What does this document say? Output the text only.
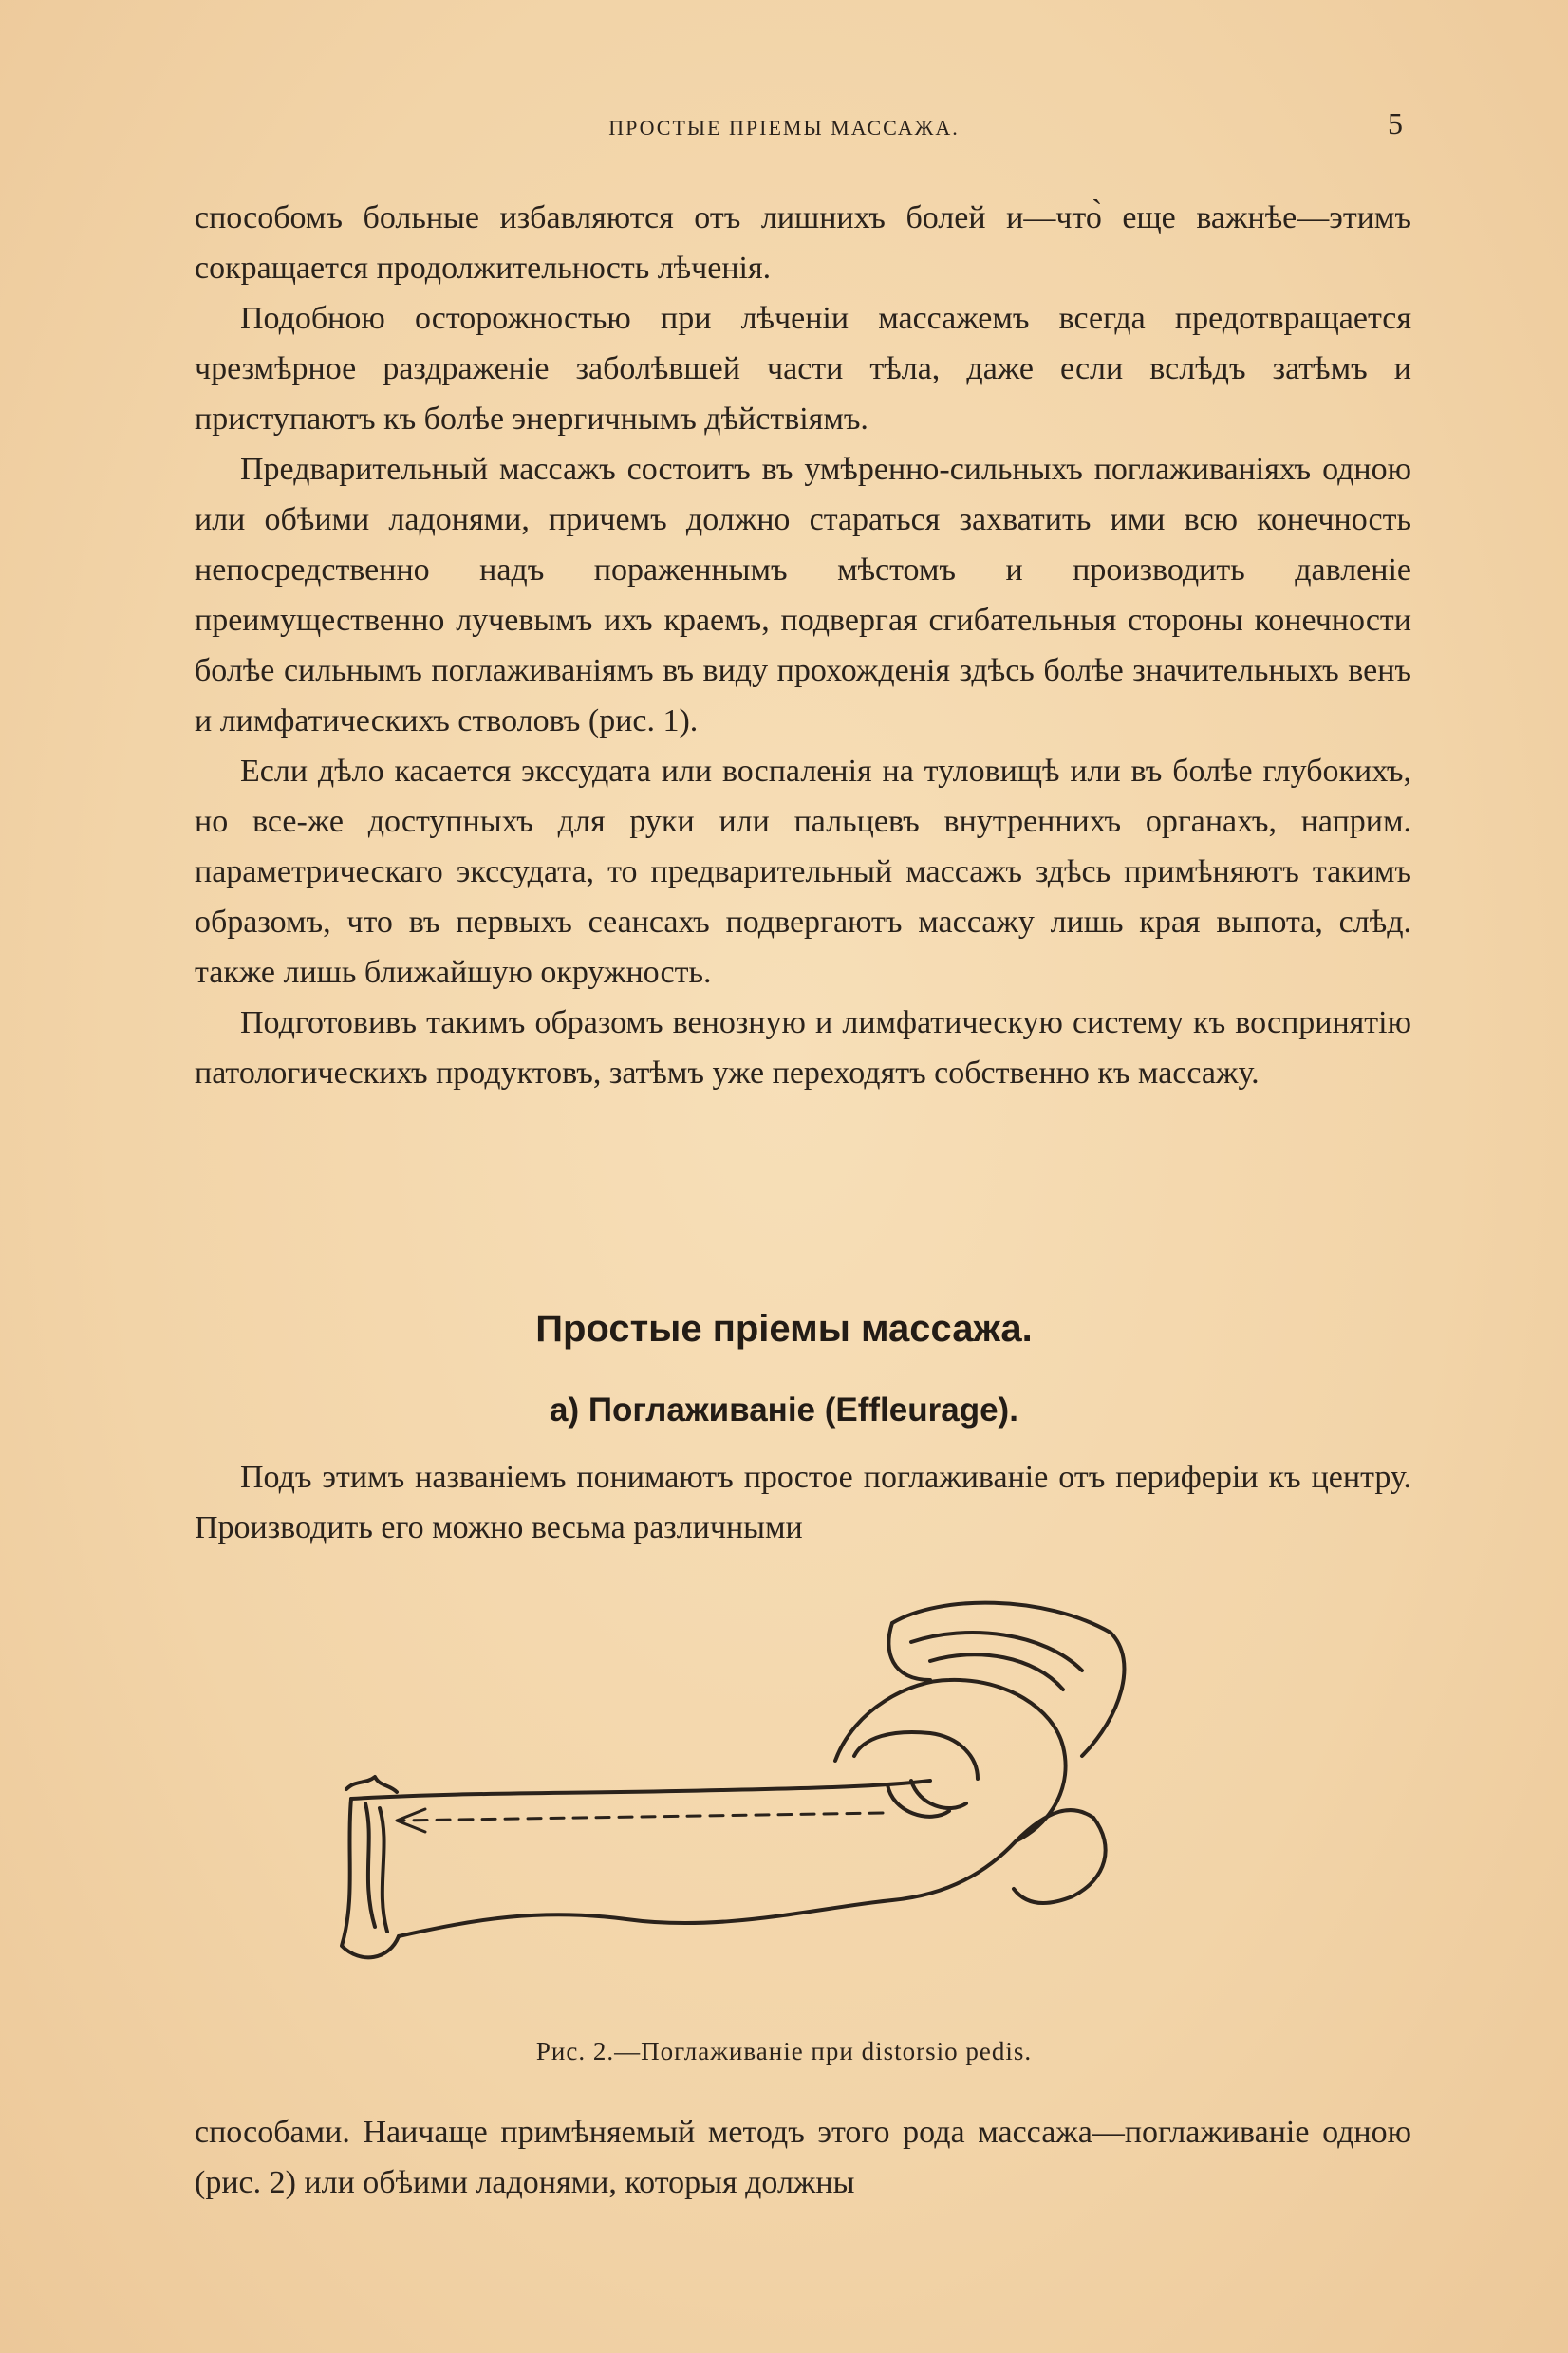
ПРОСТЫЕ ПРІЕМЫ МАССАЖА.	5

способомъ больные избавляются отъ лишнихъ болей и—что̀ еще важнѣе—этимъ сокращается продолжительность лѣченія.

Подобною осторожностью при лѣченіи массажемъ всегда предотвращается чрезмѣрное раздраженіе заболѣвшей части тѣла, даже если вслѣдъ затѣмъ и приступаютъ къ болѣе энергичнымъ дѣйствіямъ.

Предварительный массажъ состоитъ въ умѣренно-сильныхъ поглаживаніяхъ одною или обѣими ладонями, причемъ должно стараться захватить ими всю конечность непосредственно надъ пораженнымъ мѣстомъ и производить давленіе преимущественно лучевымъ ихъ краемъ, подвергая сгибательныя стороны конечности болѣе сильнымъ поглаживаніямъ въ виду прохожденія здѣсь болѣе значительныхъ венъ и лимфатическихъ стволовъ (рис. 1).

Если дѣло касается экссудата или воспаленія на туловищѣ или въ болѣе глубокихъ, но все-же доступныхъ для руки или пальцевъ внутреннихъ органахъ, наприм. параметрическаго экссудата, то предварительный массажъ здѣсь примѣняютъ такимъ образомъ, что въ первыхъ сеансахъ подвергаютъ массажу лишь края выпота, слѣд. также лишь ближайшую окружность.

Подготовивъ такимъ образомъ венозную и лимфатическую систему къ воспринятію патологическихъ продуктовъ, затѣмъ уже переходятъ собственно къ массажу.

Простые пріемы массажа.
а) Поглаживаніе (Effleurage).

Подъ этимъ названіемъ понимаютъ простое поглаживаніе отъ периферіи къ центру. Производить его можно весьма различными

Рис. 2.—Поглаживаніе при distorsio pedis.

способами. Наичаще примѣняемый методъ этого рода массажа—поглаживаніе одною (рис. 2) или обѣими ладонями, которыя должны
